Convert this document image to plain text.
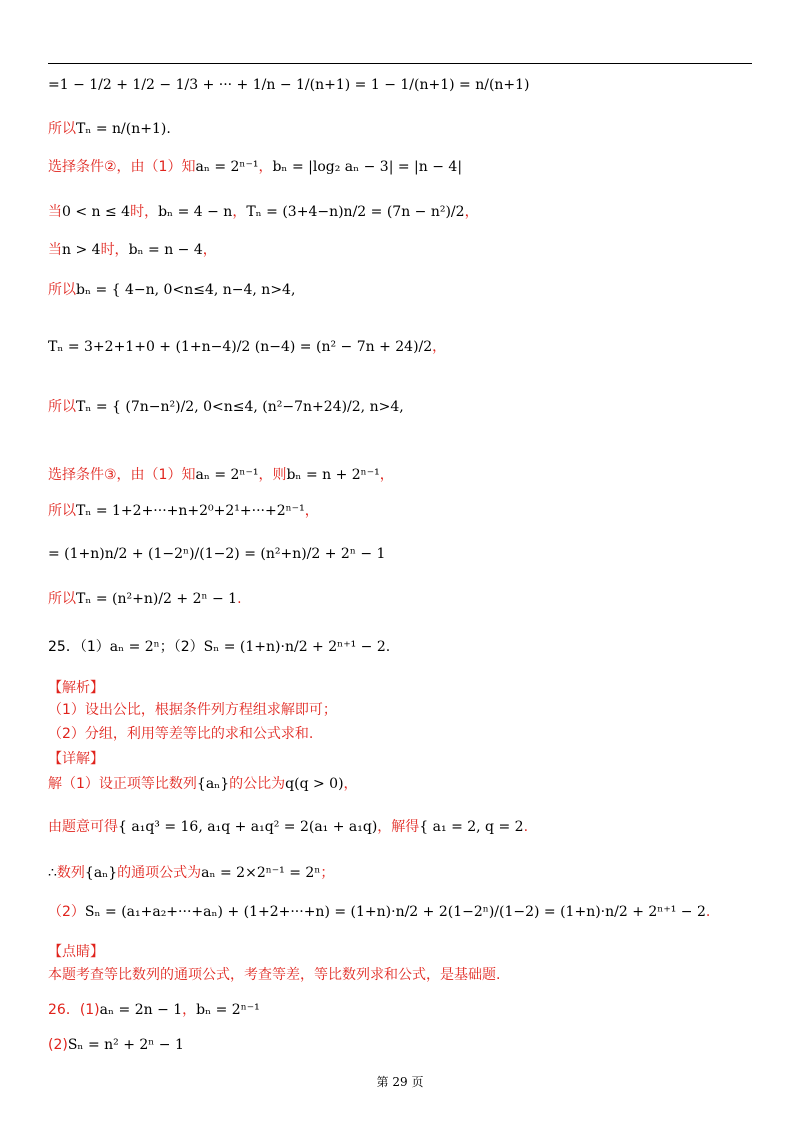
=1 − 1/2 + 1/2 − 1/3 + ··· + 1/n − 1/(n+1) = 1 − 1/(n+1) = n/(n+1)
所以Tₙ = n/(n+1).
选择条件②，由（1）知aₙ = 2ⁿ⁻¹，bₙ = |log₂ aₙ − 3| = |n − 4|
当0 < n ≤ 4时，bₙ = 4 − n，Tₙ = (3+4−n)n/2 = (7n − n²)/2，
当n > 4时，bₙ = n − 4，
所以bₙ = { 4−n, 0<n≤4, n−4, n>4,
Tₙ = 3+2+1+0 + (1+n−4)/2 (n−4) = (n² − 7n + 24)/2，
所以Tₙ = { (7n−n²)/2, 0<n≤4, (n²−7n+24)/2, n>4,
选择条件③，由（1）知aₙ = 2ⁿ⁻¹，则bₙ = n + 2ⁿ⁻¹，
所以Tₙ = 1+2+···+n+2⁰+2¹+···+2ⁿ⁻¹，
= (1+n)n/2 + (1−2ⁿ)/(1−2) = (n²+n)/2 + 2ⁿ − 1
所以Tₙ = (n²+n)/2 + 2ⁿ − 1.
25．（1）aₙ = 2ⁿ；（2）Sₙ = (1+n)·n/2 + 2ⁿ⁺¹ − 2.
【解析】
（1）设出公比，根据条件列方程组求解即可；
（2）分组，利用等差等比的求和公式求和.
【详解】
解（1）设正项等比数列{aₙ}的公比为q(q > 0)，
由题意可得{ a₁q³ = 16, a₁q + a₁q² = 2(a₁ + a₁q)，解得{ a₁ = 2, q = 2.
∴数列{aₙ}的通项公式为aₙ = 2×2ⁿ⁻¹ = 2ⁿ；
（2）Sₙ = (a₁+a₂+···+aₙ) + (1+2+···+n) = (1+n)·n/2 + 2(1−2ⁿ)/(1−2) = (1+n)·n/2 + 2ⁿ⁺¹ − 2.
【点睛】
本题考查等比数列的通项公式，考查等差，等比数列求和公式，是基础题.
26．(1)aₙ = 2n − 1，bₙ = 2ⁿ⁻¹
(2)Sₙ = n² + 2ⁿ − 1
第 29 页
